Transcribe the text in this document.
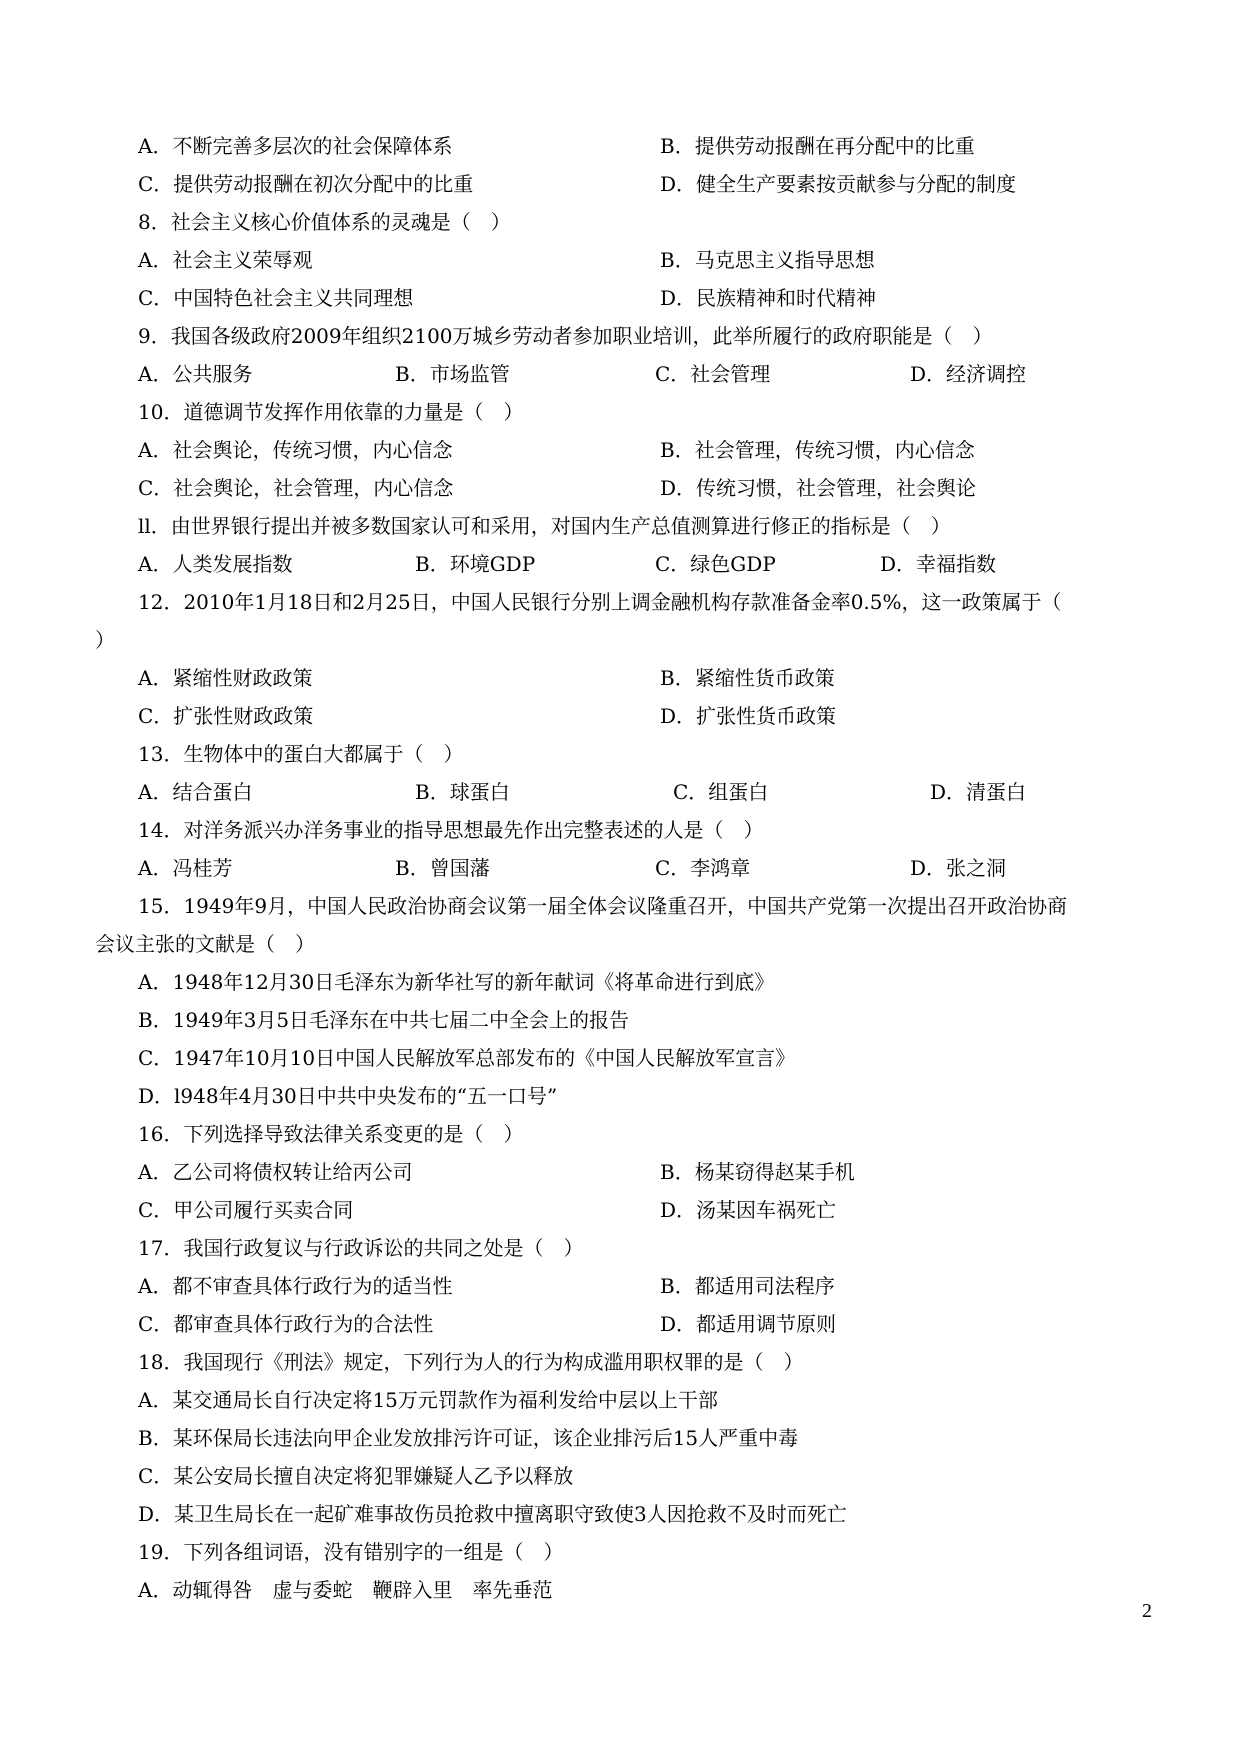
A．不断完善多层次的社会保障体系	B．提供劳动报酬在再分配中的比重
C．提供劳动报酬在初次分配中的比重	D．健全生产要素按贡献参与分配的制度
8．社会主义核心价值体系的灵魂是（　）
A．社会主义荣辱观	B．马克思主义指导思想
C．中国特色社会主义共同理想	D．民族精神和时代精神
9．我国各级政府2009年组织2100万城乡劳动者参加职业培训，此举所履行的政府职能是（　）
A．公共服务	B．市场监管	C．社会管理	D．经济调控
10．道德调节发挥作用依靠的力量是（　）
A．社会舆论，传统习惯，内心信念	B．社会管理，传统习惯，内心信念
C．社会舆论，社会管理，内心信念	D．传统习惯，社会管理，社会舆论
ll．由世界银行提出并被多数国家认可和采用，对国内生产总值测算进行修正的指标是（　）
A．人类发展指数	B．环境GDP	C．绿色GDP	D．幸福指数
12．2010年1月18日和2月25日，中国人民银行分别上调金融机构存款准备金率0.5%，这一政策属于（
）
A．紧缩性财政政策	B．紧缩性货币政策
C．扩张性财政政策	D．扩张性货币政策
13．生物体中的蛋白大都属于（　）
A．结合蛋白	B．球蛋白	C．组蛋白	D．清蛋白
14．对洋务派兴办洋务事业的指导思想最先作出完整表述的人是（　）
A．冯桂芳	B．曾国藩	C．李鸿章	D．张之洞
15．1949年9月，中国人民政治协商会议第一届全体会议隆重召开，中国共产党第一次提出召开政治协商
会议主张的文献是（　）
A．1948年12月30日毛泽东为新华社写的新年献词《将革命进行到底》
B．1949年3月5日毛泽东在中共七届二中全会上的报告
C．1947年10月10日中国人民解放军总部发布的《中国人民解放军宣言》
D．l948年4月30日中共中央发布的“五一口号”
16．下列选择导致法律关系变更的是（　）
A．乙公司将债权转让给丙公司	B．杨某窃得赵某手机
C．甲公司履行买卖合同	D．汤某因车祸死亡
17．我国行政复议与行政诉讼的共同之处是（　）
A．都不审查具体行政行为的适当性	B．都适用司法程序
C．都审查具体行政行为的合法性	D．都适用调节原则
18．我国现行《刑法》规定，下列行为人的行为构成滥用职权罪的是（　）
A．某交通局长自行决定将15万元罚款作为福利发给中层以上干部
B．某环保局长违法向甲企业发放排污许可证，该企业排污后15人严重中毒
C．某公安局长擅自决定将犯罪嫌疑人乙予以释放
D．某卫生局长在一起矿难事故伤员抢救中擅离职守致使3人因抢救不及时而死亡
19．下列各组词语，没有错别字的一组是（　）
A．动辄得咎　虚与委蛇　鞭辟入里　率先垂范
2
